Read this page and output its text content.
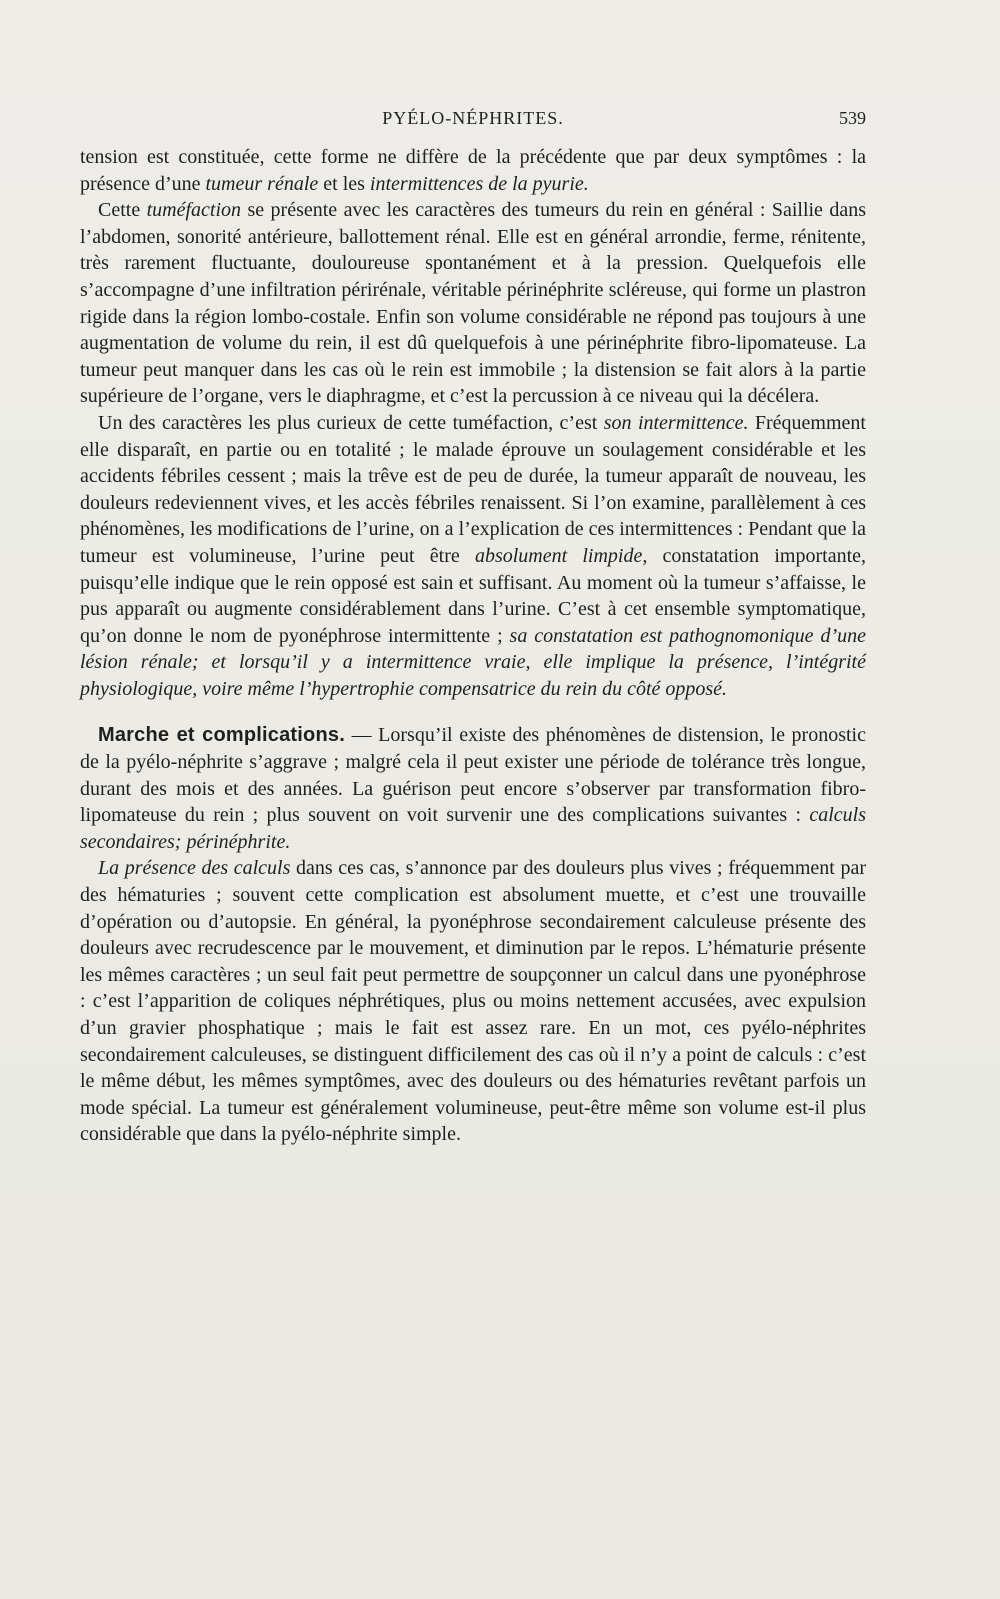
PYÉLO-NÉPHRITES.	539

tension est constituée, cette forme ne diffère de la précédente que par deux symptômes : la présence d’une tumeur rénale et les intermittences de la pyurie.

Cette tuméfaction se présente avec les caractères des tumeurs du rein en général : Saillie dans l’abdomen, sonorité antérieure, ballottement rénal. Elle est en général arrondie, ferme, rénitente, très rarement fluctuante, douloureuse spontanément et à la pression. Quelquefois elle s’accompagne d’une infiltration périrénale, véritable périnéphrite scléreuse, qui forme un plastron rigide dans la région lombo-costale. Enfin son volume considérable ne répond pas toujours à une augmentation de volume du rein, il est dû quelquefois à une périnéphrite fibro-lipomateuse. La tumeur peut manquer dans les cas où le rein est immobile ; la distension se fait alors à la partie supérieure de l’organe, vers le diaphragme, et c’est la percussion à ce niveau qui la décélera.

Un des caractères les plus curieux de cette tuméfaction, c’est son intermittence. Fréquemment elle disparaît, en partie ou en totalité ; le malade éprouve un soulagement considérable et les accidents fébriles cessent ; mais la trêve est de peu de durée, la tumeur apparaît de nouveau, les douleurs redeviennent vives, et les accès fébriles renaissent. Si l’on examine, parallèlement à ces phénomènes, les modifications de l’urine, on a l’explication de ces intermittences : Pendant que la tumeur est volumineuse, l’urine peut être absolument limpide, constatation importante, puisqu’elle indique que le rein opposé est sain et suffisant. Au moment où la tumeur s’affaisse, le pus apparaît ou augmente considérablement dans l’urine. C’est à cet ensemble symptomatique, qu’on donne le nom de pyonéphrose intermittente ; sa constatation est pathognomonique d’une lésion rénale; et lorsqu’il y a intermittence vraie, elle implique la présence, l’intégrité physiologique, voire même l’hypertrophie compensatrice du rein du côté opposé.

Marche et complications. — Lorsqu’il existe des phénomènes de distension, le pronostic de la pyélo-néphrite s’aggrave ; malgré cela il peut exister une période de tolérance très longue, durant des mois et des années. La guérison peut encore s’observer par transformation fibro-lipomateuse du rein ; plus souvent on voit survenir une des complications suivantes : calculs secondaires; périnéphrite.

La présence des calculs dans ces cas, s’annonce par des douleurs plus vives ; fréquemment par des hématuries ; souvent cette complication est absolument muette, et c’est une trouvaille d’opération ou d’autopsie. En général, la pyonéphrose secondairement calculeuse présente des douleurs avec recrudescence par le mouvement, et diminution par le repos. L’hématurie présente les mêmes caractères ; un seul fait peut permettre de soupçonner un calcul dans une pyonéphrose : c’est l’apparition de coliques néphrétiques, plus ou moins nettement accusées, avec expulsion d’un gravier phosphatique ; mais le fait est assez rare. En un mot, ces pyélo-néphrites secondairement calculeuses, se distinguent difficilement des cas où il n’y a point de calculs : c’est le même début, les mêmes symptômes, avec des douleurs ou des hématuries revêtant parfois un mode spécial. La tumeur est généralement volumineuse, peut-être même son volume est-il plus considérable que dans la pyélo-néphrite simple.
